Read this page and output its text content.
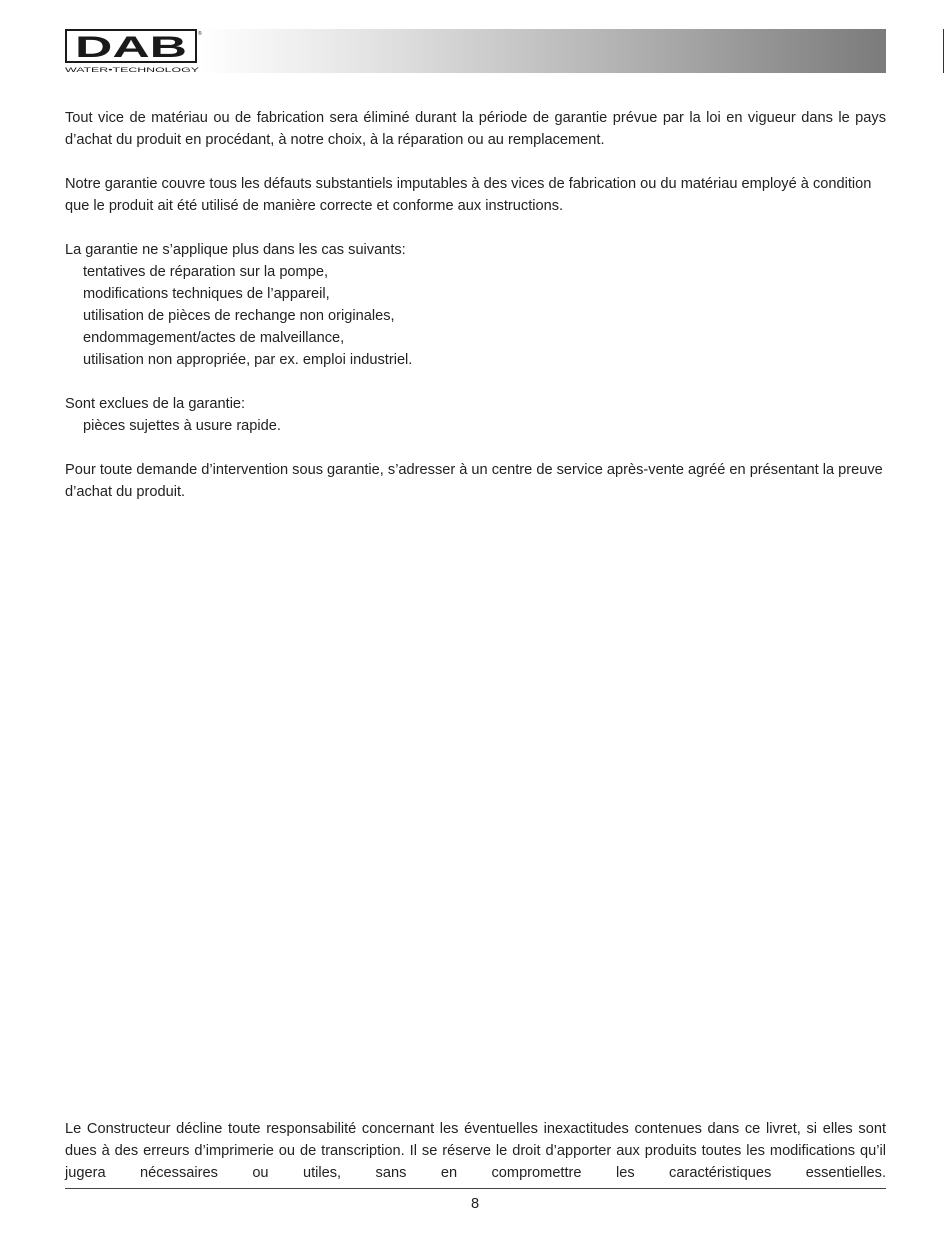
DAB ®
WATER•TECHNOLOGY

Tout vice de matériau ou de fabrication sera éliminé durant la période de garantie prévue par la loi en vigueur dans le pays d’achat du produit en procédant, à notre choix, à la réparation ou au remplacement.

Notre garantie couvre tous les défauts substantiels imputables à des vices de fabrication ou du matériau employé à condition que le produit ait été utilisé de manière correcte et conforme aux instructions.

La garantie ne s’applique plus dans les cas suivants:
tentatives de réparation sur la pompe,
modifications techniques de l’appareil,
utilisation de pièces de rechange non originales,
endommagement/actes de malveillance,
utilisation non appropriée, par ex. emploi industriel.
Sont exclues de la garantie:
pièces sujettes à usure rapide.

Pour toute demande d’intervention sous garantie, s’adresser à un centre de service après-vente agréé en présentant la preuve d’achat du produit.

Le Constructeur décline toute responsabilité concernant les éventuelles inexactitudes contenues dans ce livret, si elles sont dues à des erreurs d’imprimerie ou de transcription. Il se réserve le droit d’apporter aux produits toutes les modifications qu’il jugera nécessaires ou utiles, sans en compromettre les caractéristiques essentielles.
8
